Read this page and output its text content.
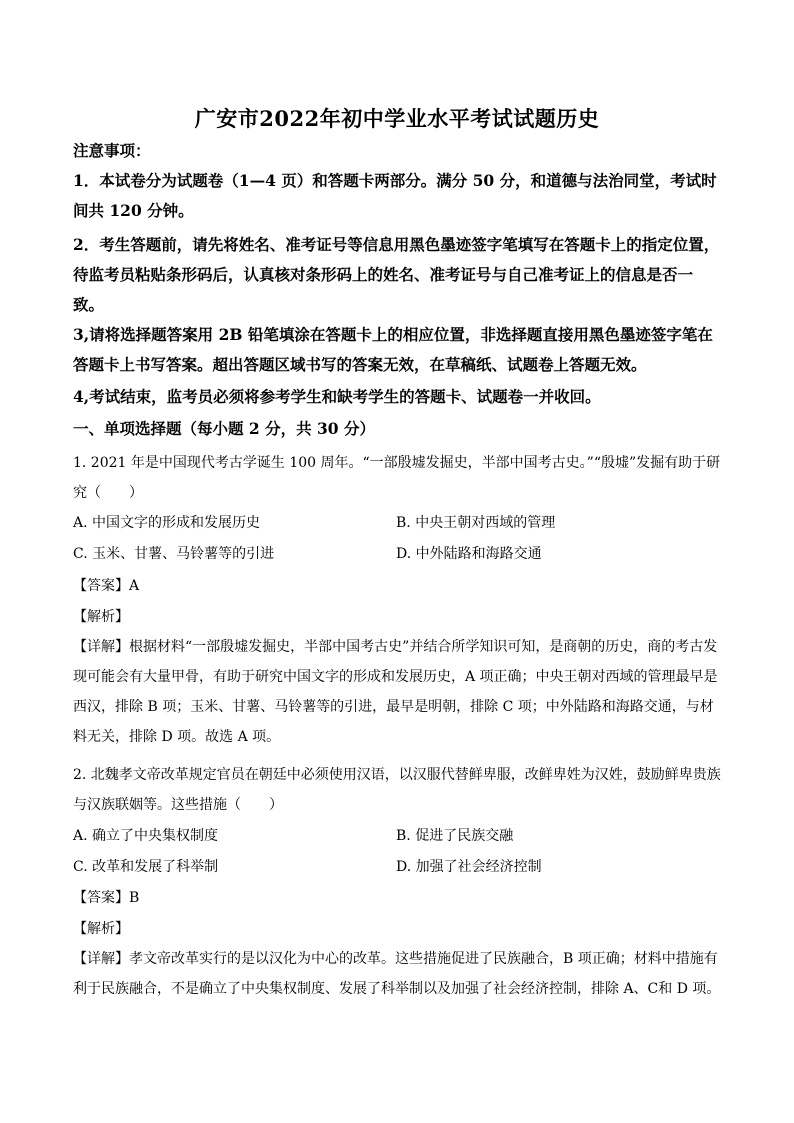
广安市2022年初中学业水平考试试题历史

注意事项：

1．本试卷分为试题卷（1—4 页）和答题卡两部分。满分 50 分，和道德与法治同堂，考试时间共 120 分钟。

2．考生答题前，请先将姓名、准考证号等信息用黑色墨迹签字笔填写在答题卡上的指定位置，待监考员粘贴条形码后，认真核对条形码上的姓名、准考证号与自己准考证上的信息是否一致。

3,请将选择题答案用 2B 铅笔填涂在答题卡上的相应位置，非选择题直接用黑色墨迹签字笔在答题卡上书写答案。超出答题区域书写的答案无效，在草稿纸、试题卷上答题无效。

4,考试结束，监考员必须将参考学生和缺考学生的答题卡、试题卷一并收回。

一、单项选择题（每小题 2 分，共 30 分）

1. 2021 年是中国现代考古学诞生 100 周年。“一部殷墟发掘史，半部中国考古史。”“殷墟”发掘有助于研究（　　）

A. 中国文字的形成和发展历史	B. 中央王朝对西域的管理

C. 玉米、甘薯、马铃薯等的引进	D. 中外陆路和海路交通

【答案】A

【解析】

【详解】根据材料“一部殷墟发掘史，半部中国考古史”并结合所学知识可知，是商朝的历史，商的考古发现可能会有大量甲骨，有助于研究中国文字的形成和发展历史，A 项正确；中央王朝对西域的管理最早是西汉，排除 B 项；玉米、甘薯、马铃薯等的引进，最早是明朝，排除 C 项；中外陆路和海路交通，与材料无关，排除 D 项。故选 A 项。

2. 北魏孝文帝改革规定官员在朝廷中必须使用汉语，以汉服代替鲜卑服，改鲜卑姓为汉姓，鼓励鲜卑贵族与汉族联姻等。这些措施（　　）

A. 确立了中央集权制度	B. 促进了民族交融

C. 改革和发展了科举制	D. 加强了社会经济控制

【答案】B

【解析】

【详解】孝文帝改革实行的是以汉化为中心的改革。这些措施促进了民族融合，B 项正确；材料中措施有利于民族融合，不是确立了中央集权制度、发展了科举制以及加强了社会经济控制，排除 A、C和 D 项。
